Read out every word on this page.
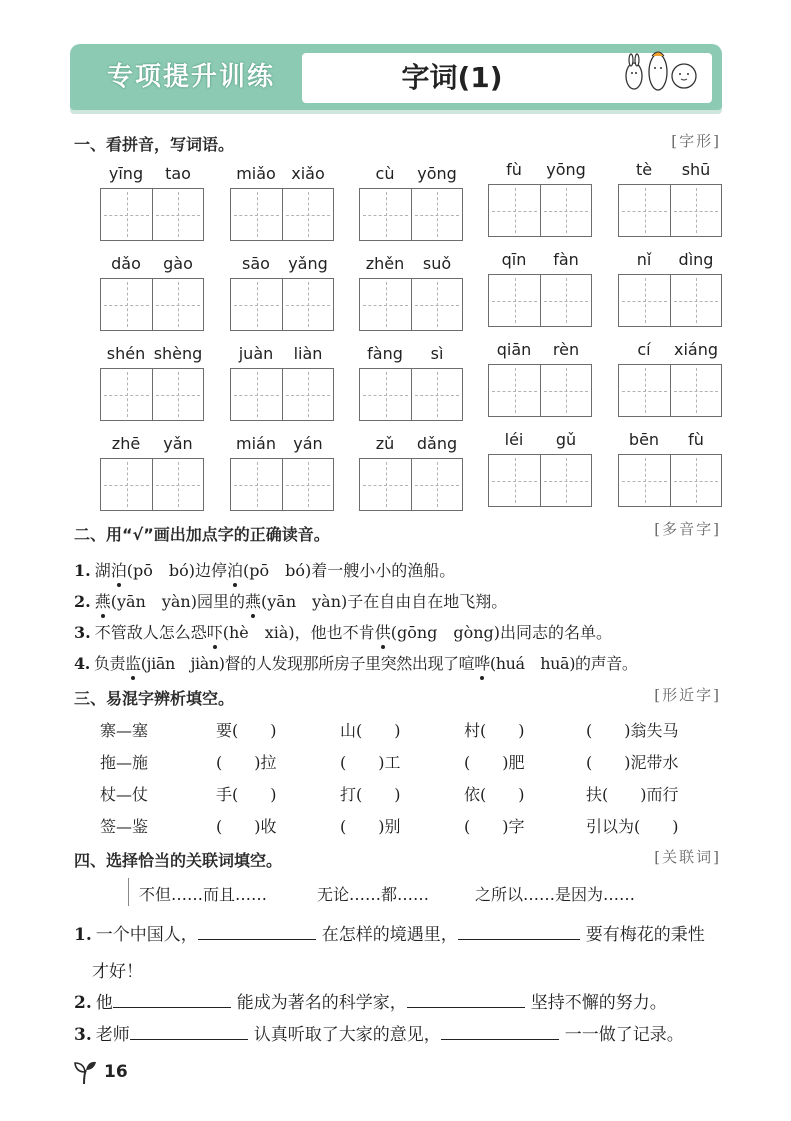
专项提升训练	字词(1)
一、看拼音，写词语。	[字形]
yīng	tao	miǎo xiǎo	cù	yōng	fù	yōng	tè	shū
dǎo	gào	sāo	yǎng	zhěn	suǒ	qīn	fàn	nǐ	dìng
shén shèng	juàn	liàn	fàng	sì	qiān	rèn	cí	xiáng
zhē	yǎn	mián	yán	zǔ	dǎng	léi	gǔ	bēn	fù
二、用“√”画出加点字的正确读音。	[多音字]
1. 湖泊(pō　bó)边停泊(pō　bó)着一艘小小的渔船。
2. 燕(yān　yàn)园里的燕(yān　yàn)子在自由自在地飞翔。
3. 不管敌人怎么恐吓(hè　xià)，他也不肯供(gōng　gòng)出同志的名单。
4. 负责监(jiān　jiàn)督的人发现那所房子里突然出现了喧哗(huá　huā)的声音。
三、易混字辨析填空。	[形近字]
寨—塞	要(　　)	山(　　)	村(　　)	(　　)翁失马
拖—施	(　　)拉	(　　)工	(　　)肥	(　　)泥带水
杖—仗	手(　　)	打(　　)	依(　　)	扶(　　)而行
签—鉴	(　　)收	(　　)别	(　　)字	引以为(　　)
四、选择恰当的关联词填空。	[关联词]
不但……而且……	无论……都……	之所以……是因为……
1. 一个中国人，	在怎样的境遇里，	要有梅花的秉性
才好！
2. 他	能成为著名的科学家，	坚持不懈的努力。
3. 老师	认真听取了大家的意见，	一一做了记录。
16
